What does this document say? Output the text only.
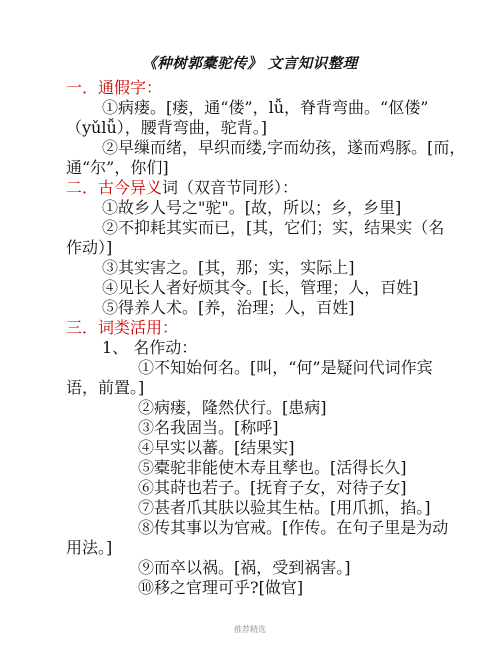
《种树郭橐驼传》 文言知识整理
一．通假字：
①病瘘。[瘘，通“偻”，lǚ，脊背弯曲。“伛偻”
（yǔlǚ），腰背弯曲，驼背。]
②早缫而绪，早织而缕,字而幼孩，遂而鸡豚。[而，
通“尔”，你们]
二．古今异义词（双音节同形）：
①故乡人号之"驼"。[故，所以；乡，乡里]
②不抑耗其实而已，[其，它们；实，结果实（名
作动）]
③其实害之。[其，那；实，实际上]
④见长人者好烦其令。[长，管理；人，百姓]
⑤得养人术。[养，治理；人，百姓]
三．词类活用：
1、 名作动：
①不知始何名。[叫，“何”是疑问代词作宾
语，前置。]
②病瘘，隆然伏行。[患病]
③名我固当。[称呼]
④早实以蕃。[结果实]
⑤橐驼非能使木寿且孳也。[活得长久]
⑥其莳也若子。[抚育子女，对待子女]
⑦甚者爪其肤以验其生枯。[用爪抓，掐。]
⑧传其事以为官戒。[作传。在句子里是为动
用法。]
⑨而卒以祸。[祸，受到祸害。]
⑩移之官理可乎?[做官]
推荐精选
